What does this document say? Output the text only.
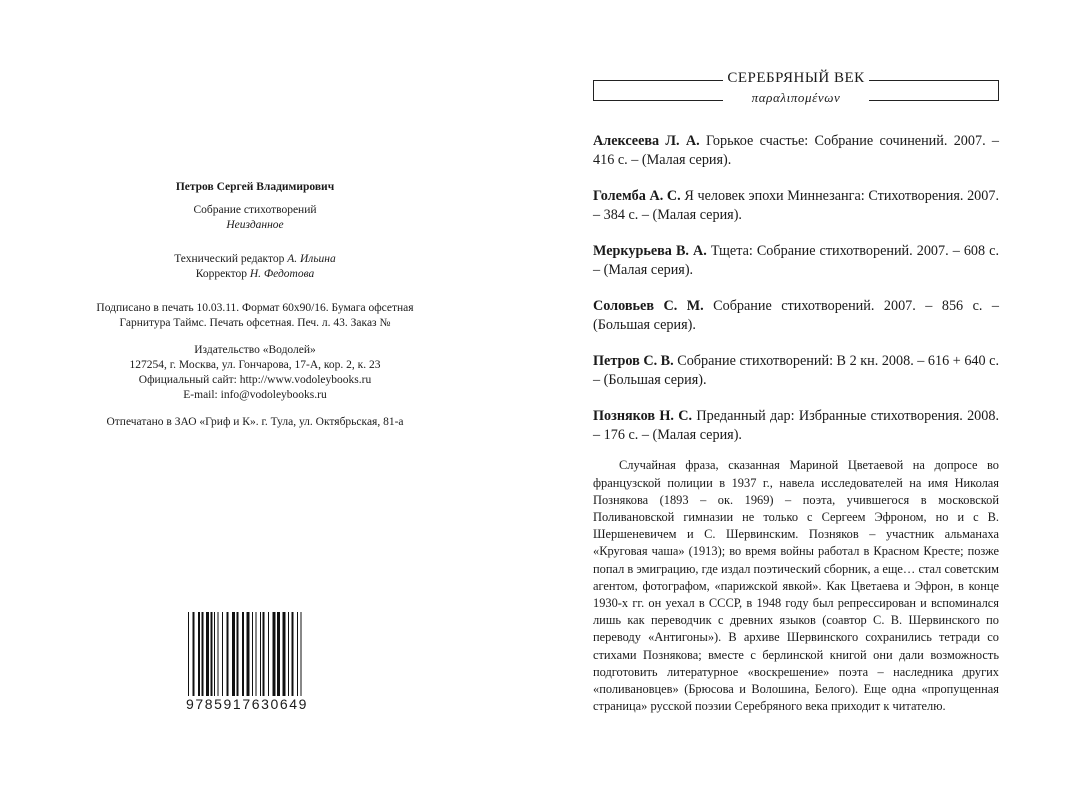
Петров Сергей Владимирович
Собрание стихотворений
Неизданное
Технический редактор А. Ильина
Корректор Н. Федотова
Подписано в печать 10.03.11. Формат 60х90/16. Бумага офсетная
Гарнитура Таймс. Печать офсетная. Печ. л. 43. Заказ №
Издательство «Водолей»
127254, г. Москва, ул. Гончарова, 17-А, кор. 2, к. 23
Официальный сайт: http://www.vodoleybooks.ru
E-mail: info@vodoleybooks.ru
Отпечатано в ЗАО «Гриф и К». г. Тула, ул. Октябрьская, 81-а
9785917630649
СЕРЕБРЯНЫЙ ВЕК
παραλιπομένων

Алексеева Л. А. Горькое счастье: Собрание сочинений. 2007. – 416 с. – (Малая серия).

Големба А. С. Я человек эпохи Миннезанга: Стихотворения. 2007. – 384 с. – (Малая серия).

Меркурьева В. А. Тщета: Собрание стихотворений. 2007. – 608 с. – (Малая серия).

Соловьев С. М. Собрание стихотворений. 2007. – 856 с. – (Большая серия).

Петров С. В. Собрание стихотворений: В 2 кн. 2008. – 616 + 640 с. – (Большая серия).

Позняков Н. С. Преданный дар: Избранные стихотворения. 2008. – 176 с. – (Малая серия).

Случайная фраза, сказанная Мариной Цветаевой на допросе во французской полиции в 1937 г., навела исследователей на имя Николая Познякова (1893 – ок. 1969) – поэта, учившегося в московской Поливановской гимназии не только с Сергеем Эфроном, но и с В. Шершеневичем и С. Шервинским. Позняков – участник альманаха «Круговая чаша» (1913); во время войны работал в Красном Кресте; позже попал в эмиграцию, где издал поэтический сборник, а еще… стал советским агентом, фотографом, «парижской явкой». Как Цветаева и Эфрон, в конце 1930-х гг. он уехал в СССР, в 1948 году был репрессирован и вспоминался лишь как переводчик с древних языков (соавтор С. В. Шервинского по переводу «Антигоны»). В архиве Шервинского сохранились тетради со стихами Познякова; вместе с берлинской книгой они дали возможность подготовить литературное «воскрешение» поэта – наследника других «поливановцев» (Брюсова и Волошина, Белого). Еще одна «пропущенная страница» русской поэзии Серебряного века приходит к читателю.
